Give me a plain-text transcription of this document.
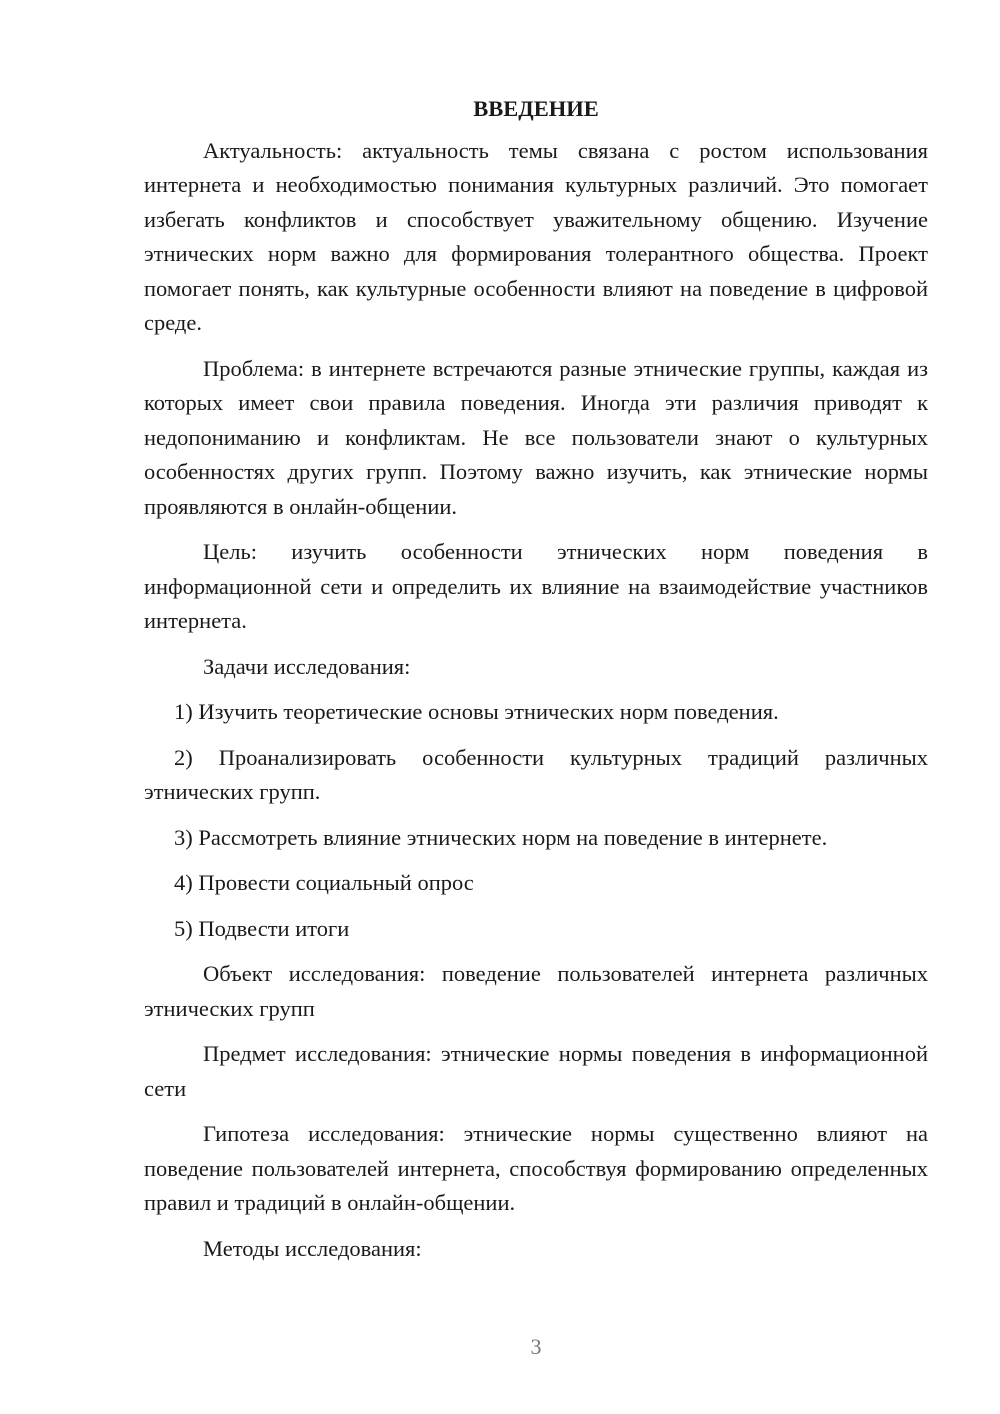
ВВЕДЕНИЕ

Актуальность: актуальность темы связана с ростом использования интернета и необходимостью понимания культурных различий. Это помогает избегать конфликтов и способствует уважительному общению. Изучение этнических норм важно для формирования толерантного общества. Проект помогает понять, как культурные особенности влияют на поведение в цифровой среде.

Проблема: в интернете встречаются разные этнические группы, каждая из которых имеет свои правила поведения. Иногда эти различия приводят к недопониманию и конфликтам. Не все пользователи знают о культурных особенностях других групп. Поэтому важно изучить, как этнические нормы проявляются в онлайн-общении.

Цель: изучить особенности этнических норм поведения в информационной сети и определить их влияние на взаимодействие участников интернета.

Задачи исследования:

1) Изучить теоретические основы этнических норм поведения.

2) Проанализировать особенности культурных традиций различных этнических групп.

3) Рассмотреть влияние этнических норм на поведение в интернете.

4) Провести социальный опрос

5) Подвести итоги

Объект исследования: поведение пользователей интернета различных этнических групп

Предмет исследования: этнические нормы поведения в информационной сети

Гипотеза исследования: этнические нормы существенно влияют на поведение пользователей интернета, способствуя формированию определенных правил и традиций в онлайн-общении.

Методы исследования:

3
